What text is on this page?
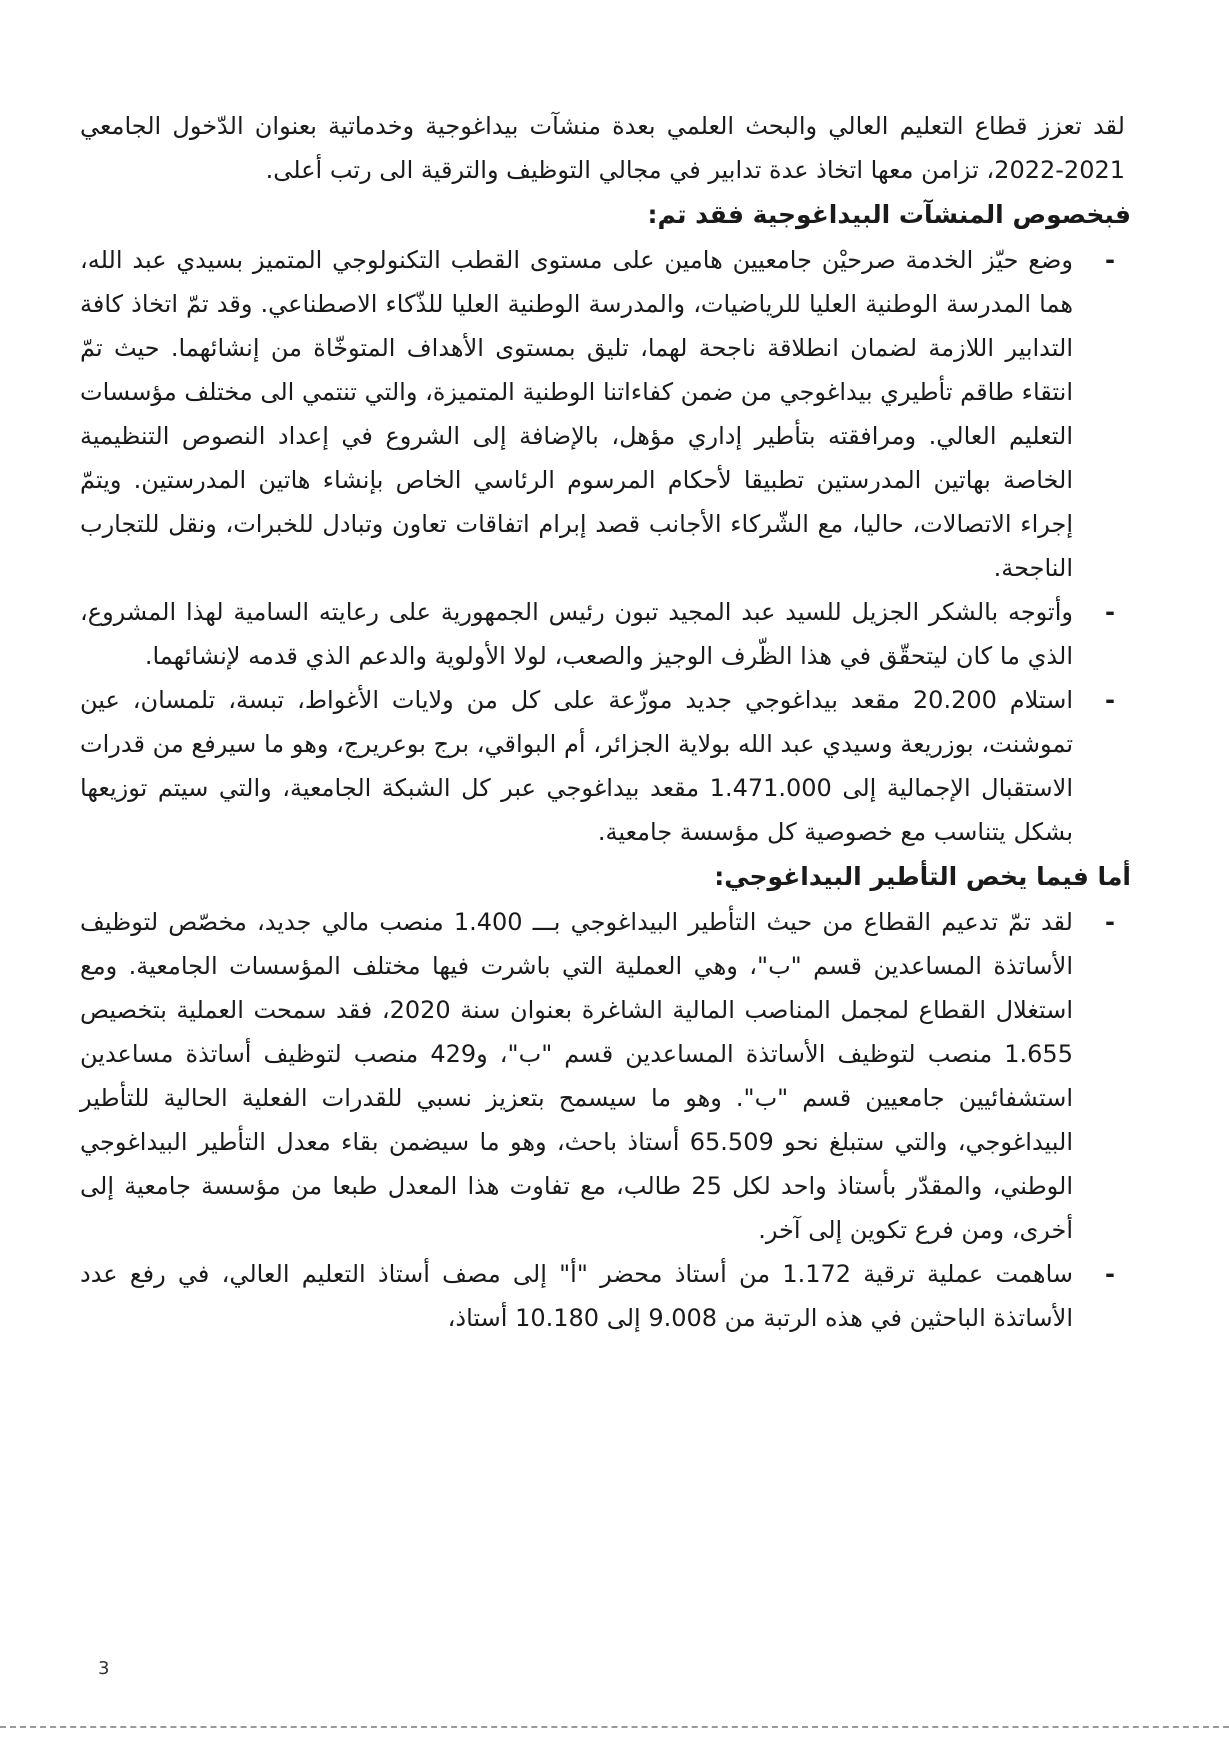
لقد تعزز قطاع التعليم العالي والبحث العلمي بعدة منشآت بيداغوجية وخدماتية بعنوان الدّخول الجامعي 2021-2022، تزامن معها اتخاذ عدة تدابير في مجالي التوظيف والترقية الى رتب أعلى.

فبخصوص المنشآت البيداغوجية فقد تم:

-
وضع حيّز الخدمة صرحيْن جامعيين هامين على مستوى القطب التكنولوجي المتميز بسيدي عبد الله، هما المدرسة الوطنية العليا للرياضيات، والمدرسة الوطنية العليا للذّكاء الاصطناعي. وقد تمّ اتخاذ كافة التدابير اللازمة لضمان انطلاقة ناجحة لهما، تليق بمستوى الأهداف المتوخّاة من إنشائهما. حيث تمّ انتقاء طاقم تأطيري بيداغوجي من ضمن كفاءاتنا الوطنية المتميزة، والتي تنتمي الى مختلف مؤسسات التعليم العالي. ومرافقته بتأطير إداري مؤهل، بالإضافة إلى الشروع في إعداد النصوص التنظيمية الخاصة بهاتين المدرستين تطبيقا لأحكام المرسوم الرئاسي الخاص بإنشاء هاتين المدرستين. ويتمّ إجراء الاتصالات، حاليا، مع الشّركاء الأجانب قصد إبرام اتفاقات تعاون وتبادل للخبرات، ونقل للتجارب الناجحة.
-
وأتوجه بالشكر الجزيل للسيد عبد المجيد تبون رئيس الجمهورية على رعايته السامية لهذا المشروع، الذي ما كان ليتحقّق في هذا الظّرف الوجيز والصعب، لولا الأولوية والدعم الذي قدمه لإنشائهما.
-
استلام 20.200 مقعد بيداغوجي جديد موزّعة على كل من ولايات الأغواط، تبسة، تلمسان، عين تموشنت، بوزريعة وسيدي عبد الله بولاية الجزائر، أم البواقي، برج بوعريرج، وهو ما سيرفع من قدرات الاستقبال الإجمالية إلى 1.471.000 مقعد بيداغوجي عبر كل الشبكة الجامعية، والتي سيتم توزيعها بشكل يتناسب مع خصوصية كل مؤسسة جامعية.

أما فيما يخص التأطير البيداغوجي:

-
لقد تمّ تدعيم القطاع من حيث التأطير البيداغوجي بـــ 1.400 منصب مالي جديد، مخصّص لتوظيف الأساتذة المساعدين قسم "ب"، وهي العملية التي باشرت فيها مختلف المؤسسات الجامعية. ومع استغلال القطاع لمجمل المناصب المالية الشاغرة بعنوان سنة 2020، فقد سمحت العملية بتخصيص 1.655 منصب لتوظيف الأساتذة المساعدين قسم "ب"، و429 منصب لتوظيف أساتذة مساعدين استشفائيين جامعيين قسم "ب". وهو ما سيسمح بتعزيز نسبي للقدرات الفعلية الحالية للتأطير البيداغوجي، والتي ستبلغ نحو 65.509 أستاذ باحث، وهو ما سيضمن بقاء معدل التأطير البيداغوجي الوطني، والمقدّر بأستاذ واحد لكل 25 طالب، مع تفاوت هذا المعدل طبعا من مؤسسة جامعية إلى أخرى، ومن فرع تكوين إلى آخر.
-
ساهمت عملية ترقية 1.172 من أستاذ محضر "أ" إلى مصف أستاذ التعليم العالي، في رفع عدد الأساتذة الباحثين في هذه الرتبة من 9.008 إلى 10.180 أستاذ،
3
